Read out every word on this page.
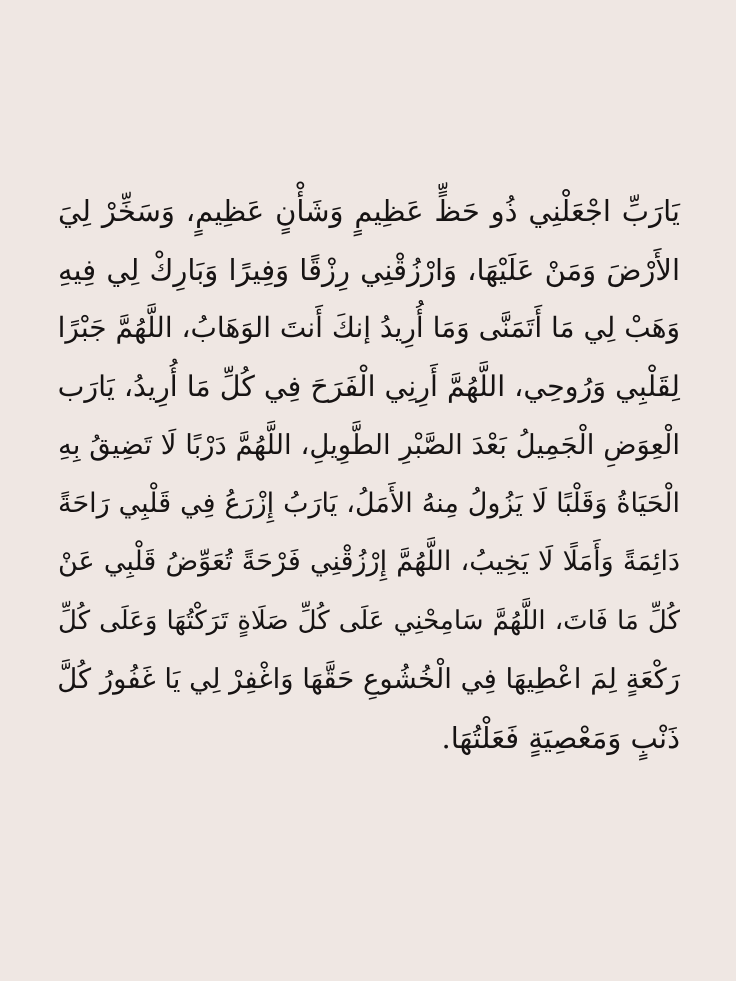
يَارَبِّ اجْعَلْنِي ذُو حَظٍّ عَظِيمٍ وَشَأْنٍ عَظِيمٍ، وَسَخِّرْ لِيَ
الأَرْضَ وَمَنْ عَلَيْهَا، وَارْزُقْنِي رِزْقًا وَفِيرًا وَبَارِكْ لِي فِيهِ
وَهَبْ لِي مَا أَتَمَنَّى وَمَا أُرِيدُ إنكَ أَنتَ الوَهَابُ، اللَّهُمَّ جَبْرًا
لِقَلْبِي وَرُوحِي، اللَّهُمَّ أَرِنِي الْفَرَحَ فِي كُلِّ مَا أُرِيدُ، يَارَب
الْعِوَضِ الْجَمِيلُ بَعْدَ الصَّبْرِ الطَّوِيلِ، اللَّهُمَّ دَرْبًا لَا تَضِيقُ بِهِ
الْحَيَاةُ وَقَلْبًا لَا يَزُولُ مِنهُ الأَمَلُ، يَارَبُ إِزْرَعُ فِي قَلْبِي رَاحَةً
دَائِمَةً وَأَمَلًا لَا يَخِيبُ، اللَّهُمَّ إِرْزُقْنِي فَرْحَةً تُعَوِّضُ قَلْبِي عَنْ
كُلِّ مَا فَاتَ، اللَّهُمَّ سَامِحْنِي عَلَى كُلِّ صَلَاةٍ تَرَكْتُهَا وَعَلَى كُلِّ
رَكْعَةٍ لِمَ اعْطِيهَا فِي الْخُشُوعِ حَقَّهَا وَاغْفِرْ لِي يَا غَفُورُ كُلَّ
ذَنْبٍ وَمَعْصِيَةٍ فَعَلْتُهَا.
